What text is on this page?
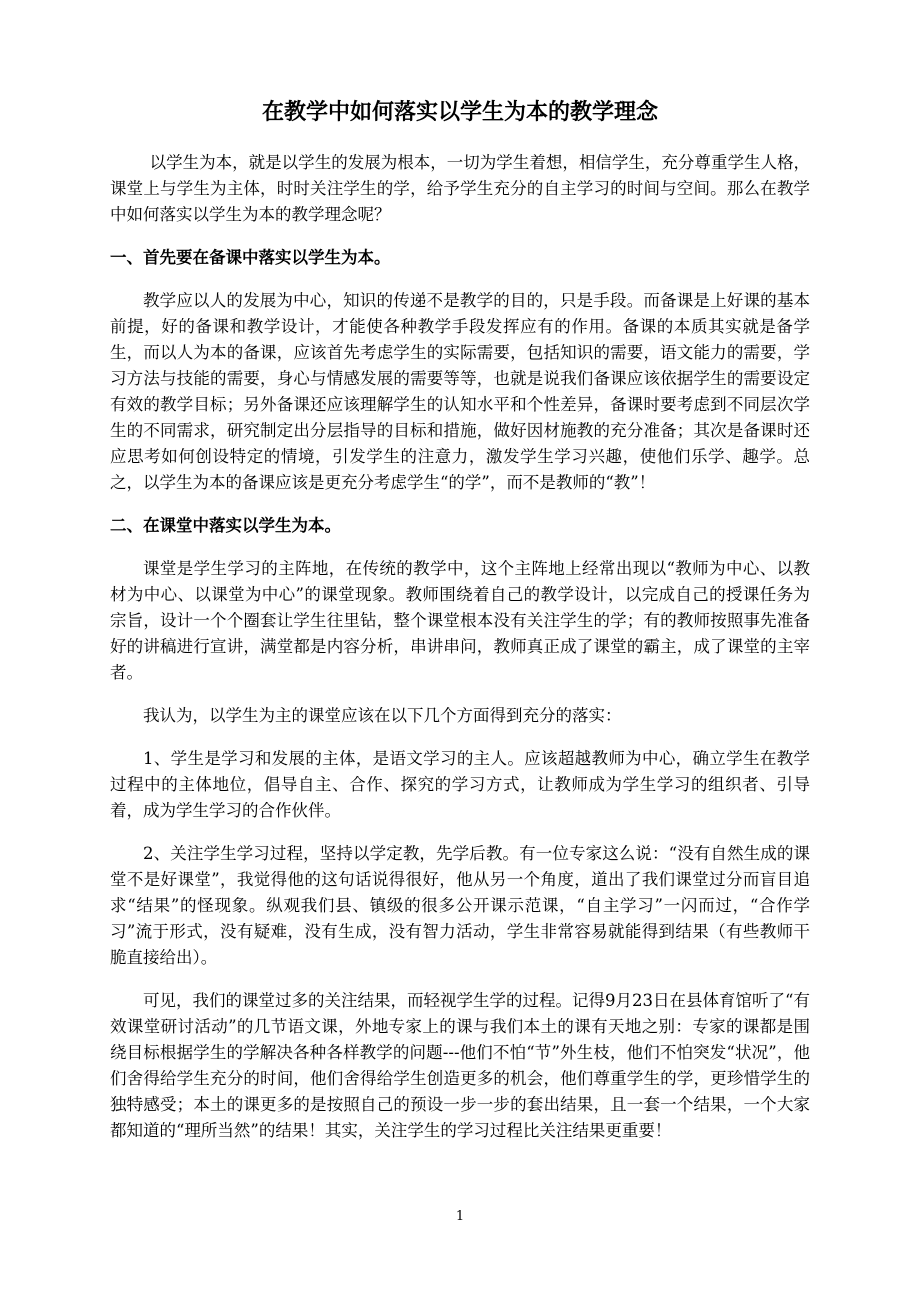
在教学中如何落实以学生为本的教学理念

以学生为本，就是以学生的发展为根本，一切为学生着想，相信学生，充分尊重学生人格，课堂上与学生为主体，时时关注学生的学，给予学生充分的自主学习的时间与空间。那么在教学中如何落实以学生为本的教学理念呢？

一、首先要在备课中落实以学生为本。

教学应以人的发展为中心，知识的传递不是教学的目的，只是手段。而备课是上好课的基本前提，好的备课和教学设计，才能使各种教学手段发挥应有的作用。备课的本质其实就是备学生，而以人为本的备课，应该首先考虑学生的实际需要，包括知识的需要，语文能力的需要，学习方法与技能的需要，身心与情感发展的需要等等，也就是说我们备课应该依据学生的需要设定有效的教学目标；另外备课还应该理解学生的认知水平和个性差异，备课时要考虑到不同层次学生的不同需求，研究制定出分层指导的目标和措施，做好因材施教的充分准备；其次是备课时还应思考如何创设特定的情境，引发学生的注意力，激发学生学习兴趣，使他们乐学、趣学。总之，以学生为本的备课应该是更充分考虑学生“的学”，而不是教师的“教”！

二、在课堂中落实以学生为本。

课堂是学生学习的主阵地，在传统的教学中，这个主阵地上经常出现以“教师为中心、以教材为中心、以课堂为中心”的课堂现象。教师围绕着自己的教学设计，以完成自己的授课任务为宗旨，设计一个个圈套让学生往里钻，整个课堂根本没有关注学生的学；有的教师按照事先准备好的讲稿进行宣讲，满堂都是内容分析，串讲串问，教师真正成了课堂的霸主，成了课堂的主宰者。

我认为，以学生为主的课堂应该在以下几个方面得到充分的落实：

1、学生是学习和发展的主体，是语文学习的主人。应该超越教师为中心，确立学生在教学过程中的主体地位，倡导自主、合作、探究的学习方式，让教师成为学生学习的组织者、引导着，成为学生学习的合作伙伴。

2、关注学生学习过程，坚持以学定教，先学后教。有一位专家这么说：“没有自然生成的课堂不是好课堂”，我觉得他的这句话说得很好，他从另一个角度，道出了我们课堂过分而盲目追求“结果”的怪现象。纵观我们县、镇级的很多公开课示范课，“自主学习”一闪而过，“合作学习”流于形式，没有疑难，没有生成，没有智力活动，学生非常容易就能得到结果（有些教师干脆直接给出）。

可见，我们的课堂过多的关注结果，而轻视学生学的过程。记得9月23日在县体育馆听了“有效课堂研讨活动”的几节语文课，外地专家上的课与我们本土的课有天地之别：专家的课都是围绕目标根据学生的学解决各种各样教学的问题---他们不怕“节”外生枝，他们不怕突发“状况”，他们舍得给学生充分的时间，他们舍得给学生创造更多的机会，他们尊重学生的学，更珍惜学生的独特感受；本土的课更多的是按照自己的预设一步一步的套出结果，且一套一个结果，一个大家都知道的“理所当然”的结果！其实，关注学生的学习过程比关注结果更重要！

1
